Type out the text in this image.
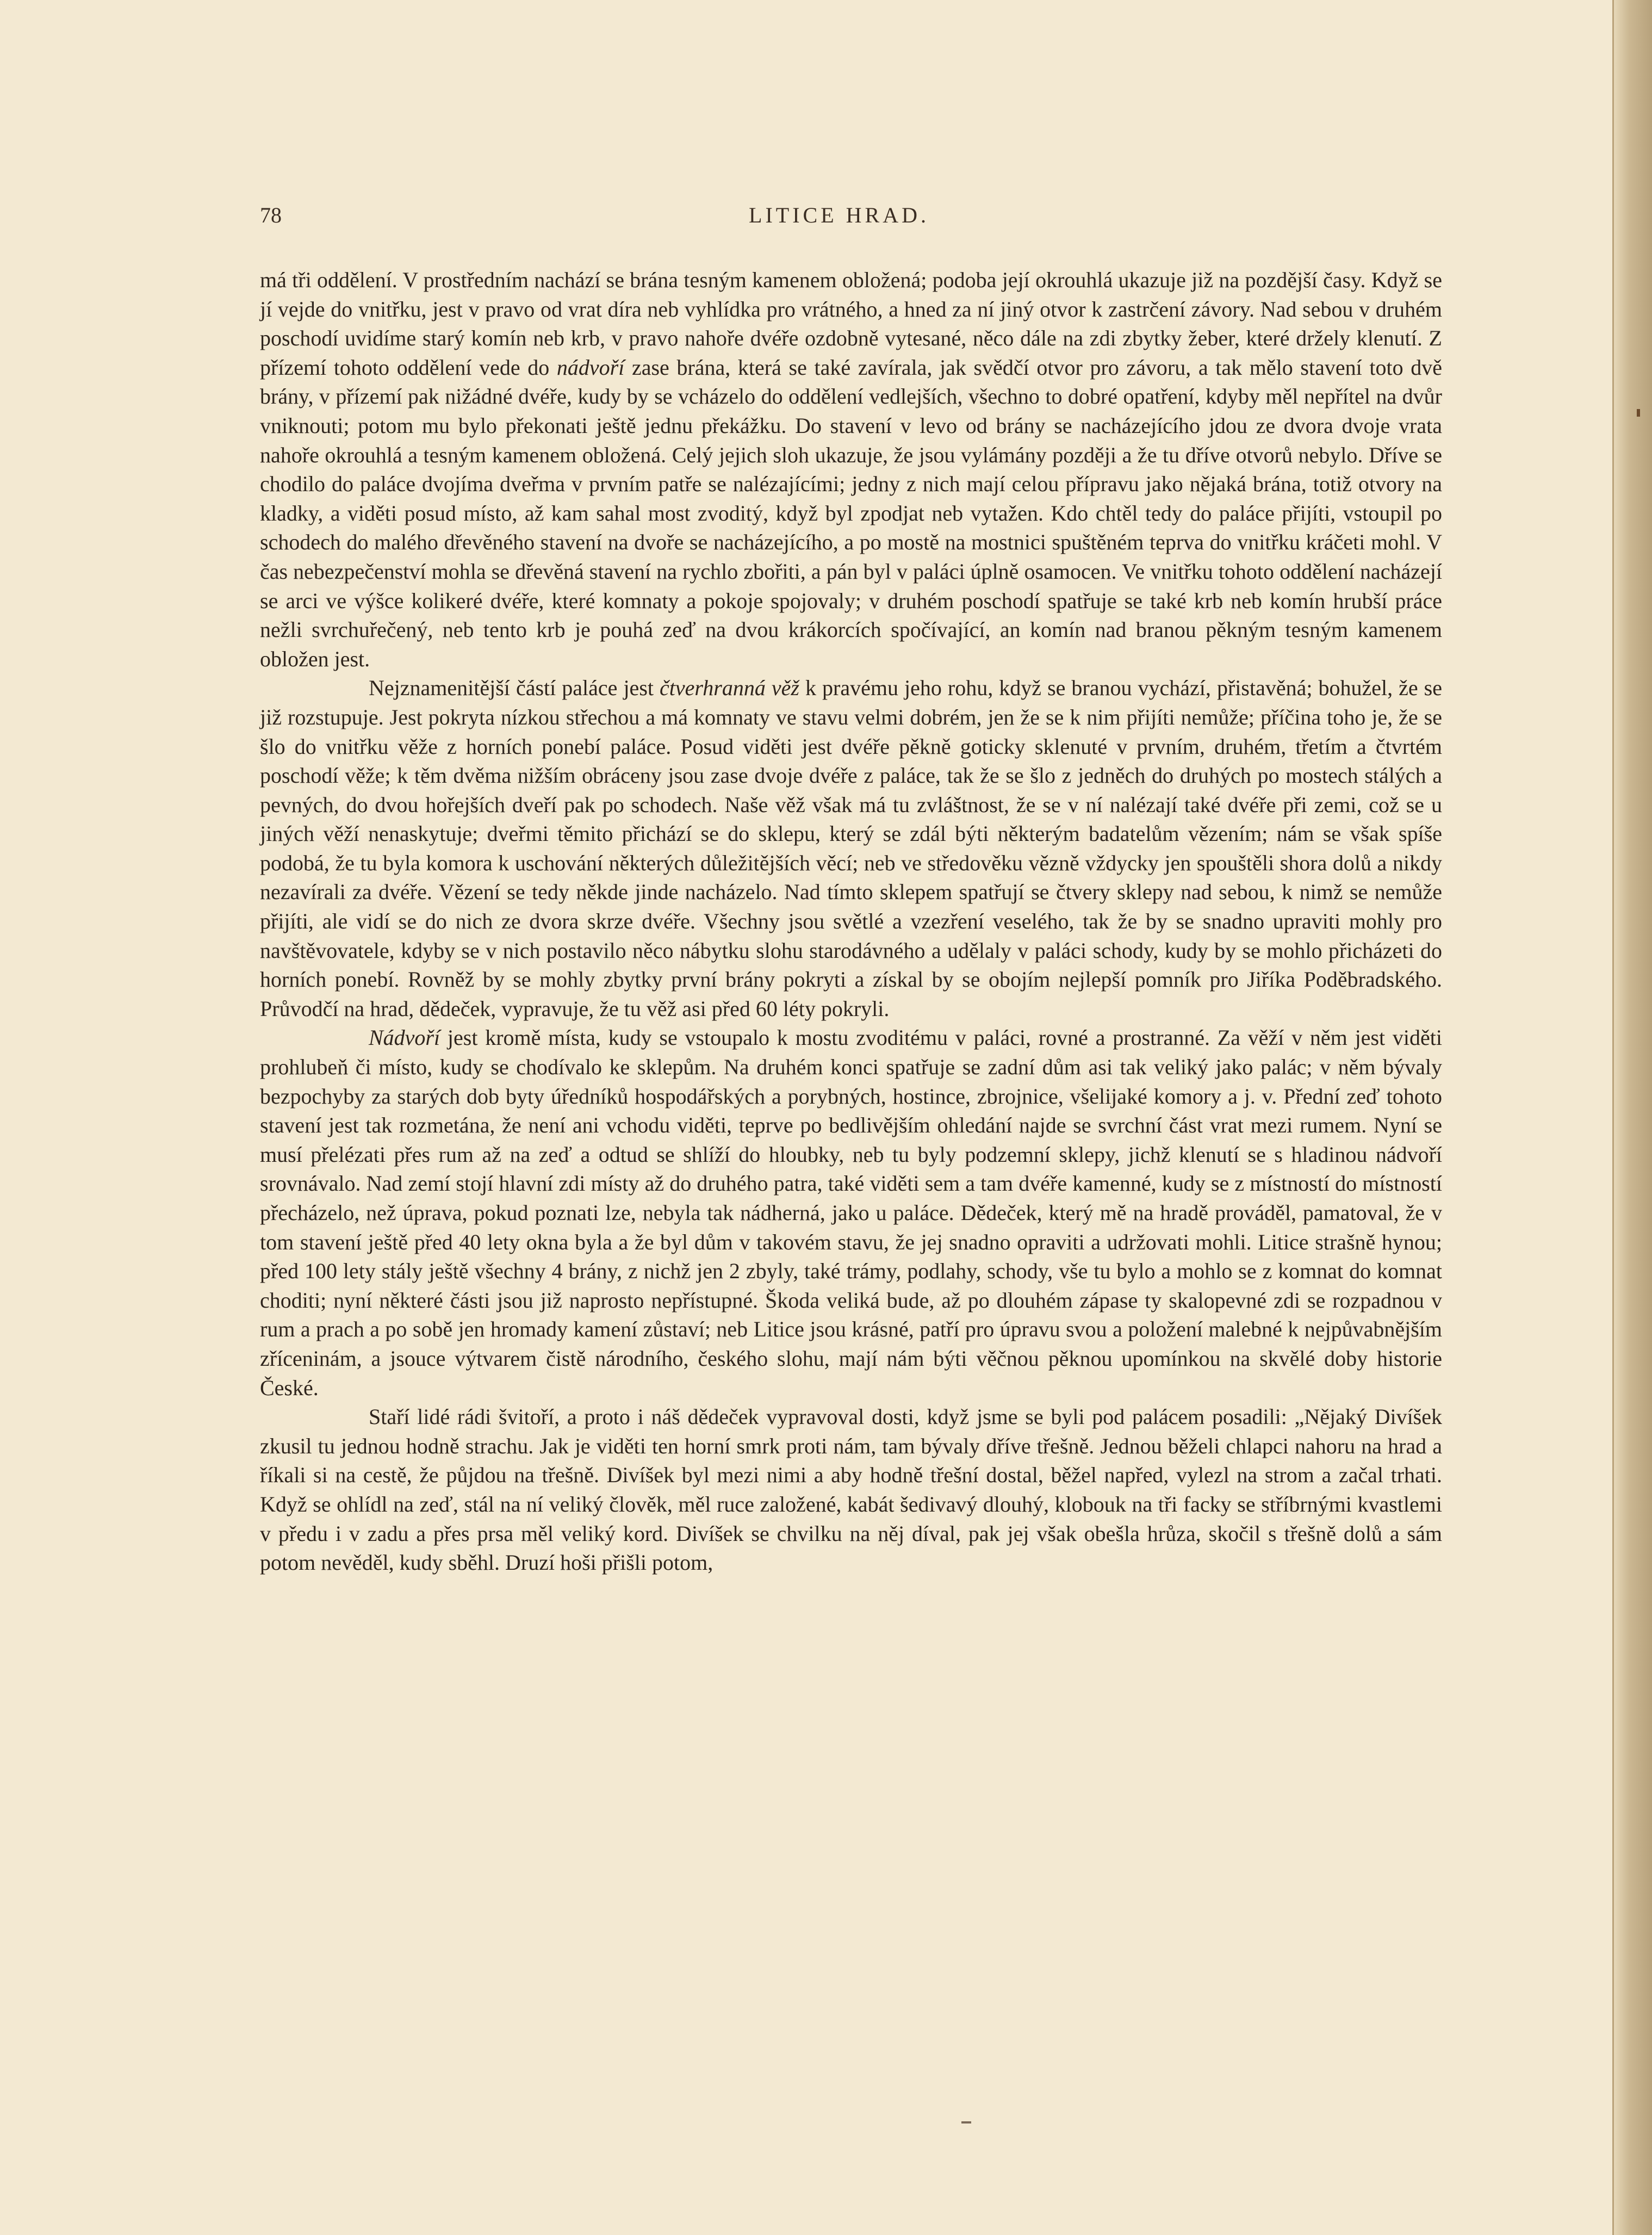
78	LITICE HRAD.

má tři oddělení. V prostředním nachází se brána tesným kamenem obložená; podoba její okrouhlá ukazuje již na pozdější časy. Když se jí vejde do vnitřku, jest v pravo od vrat díra neb vyhlídka pro vrátného, a hned za ní jiný otvor k zastrčení závory. Nad sebou v druhém poschodí uvidíme starý komín neb krb, v pravo nahoře dvéře ozdobně vytesané, něco dále na zdi zbytky žeber, které držely klenutí. Z přízemí tohoto oddělení vede do nádvoří zase brána, která se také zavírala, jak svědčí otvor pro závoru, a tak mělo stavení toto dvě brány, v přízemí pak nižádné dvéře, kudy by se vcházelo do oddělení vedlejších, všechno to dobré opatření, kdyby měl nepřítel na dvůr vniknouti; potom mu bylo překonati ještě jednu překážku. Do stavení v levo od brány se nacházejícího jdou ze dvora dvoje vrata nahoře okrouhlá a tesným kamenem obložená. Celý jejich sloh ukazuje, že jsou vylámány později a že tu dříve otvorů nebylo. Dříve se chodilo do paláce dvojíma dveřma v prvním patře se nalézajícími; jedny z nich mají celou přípravu jako nějaká brána, totiž otvory na kladky, a viděti posud místo, až kam sahal most zvoditý, když byl zpodjat neb vytažen. Kdo chtěl tedy do paláce přijíti, vstoupil po schodech do malého dřevěného stavení na dvoře se nacházejícího, a po mostě na mostnici spuštěném teprva do vnitřku kráčeti mohl. V čas nebezpečenství mohla se dřevěná stavení na rychlo zbořiti, a pán byl v paláci úplně osamocen. Ve vnitřku tohoto oddělení nacházejí se arci ve výšce kolikeré dvéře, které komnaty a pokoje spojovaly; v druhém poschodí spatřuje se také krb neb komín hrubší práce nežli svrchuřečený, neb tento krb je pouhá zeď na dvou krákorcích spočívající, an komín nad branou pěkným tesným kamenem obložen jest.

Nejznamenitější částí paláce jest čtverhranná věž k pravému jeho rohu, když se branou vychází, přistavěná; bohužel, že se již rozstupuje. Jest pokryta nízkou střechou a má komnaty ve stavu velmi dobrém, jen že se k nim přijíti nemůže; příčina toho je, že se šlo do vnitřku věže z horních ponebí paláce. Posud viděti jest dvéře pěkně goticky sklenuté v prvním, druhém, třetím a čtvrtém poschodí věže; k těm dvěma nižším obráceny jsou zase dvoje dvéře z paláce, tak že se šlo z jedněch do druhých po mostech stálých a pevných, do dvou hořejších dveří pak po schodech. Naše věž však má tu zvláštnost, že se v ní nalézají také dvéře při zemi, což se u jiných věží nenaskytuje; dveřmi těmito přichází se do sklepu, který se zdál býti některým badatelům vězením; nám se však spíše podobá, že tu byla komora k uschování některých důležitějších věcí; neb ve středověku vězně vždycky jen spouštěli shora dolů a nikdy nezavírali za dvéře. Vězení se tedy někde jinde nacházelo. Nad tímto sklepem spatřují se čtvery sklepy nad sebou, k nimž se nemůže přijíti, ale vidí se do nich ze dvora skrze dvéře. Všechny jsou světlé a vzezření veselého, tak že by se snadno upraviti mohly pro navštěvovatele, kdyby se v nich postavilo něco nábytku slohu starodávného a udělaly v paláci schody, kudy by se mohlo přicházeti do horních ponebí. Rovněž by se mohly zbytky první brány pokryti a získal by se obojím nejlepší pomník pro Jiříka Poděbradského. Průvodčí na hrad, dědeček, vypravuje, že tu věž asi před 60 léty pokryli.

Nádvoří jest kromě místa, kudy se vstoupalo k mostu zvoditému v paláci, rovné a prostranné. Za věží v něm jest viděti prohlubeň či místo, kudy se chodívalo ke sklepům. Na druhém konci spatřuje se zadní dům asi tak veliký jako palác; v něm bývaly bezpochyby za starých dob byty úředníků hospodářských a porybných, hostince, zbrojnice, všelijaké komory a j. v. Přední zeď tohoto stavení jest tak rozmetána, že není ani vchodu viděti, teprve po bedlivějším ohledání najde se svrchní část vrat mezi rumem. Nyní se musí přelézati přes rum až na zeď a odtud se shlíží do hloubky, neb tu byly podzemní sklepy, jichž klenutí se s hladinou nádvoří srovnávalo. Nad zemí stojí hlavní zdi místy až do druhého patra, také viděti sem a tam dvéře kamenné, kudy se z místností do místností přecházelo, než úprava, pokud poznati lze, nebyla tak nádherná, jako u paláce. Dědeček, který mě na hradě prováděl, pamatoval, že v tom stavení ještě před 40 lety okna byla a že byl dům v takovém stavu, že jej snadno opraviti a udržovati mohli. Litice strašně hynou; před 100 lety stály ještě všechny 4 brány, z nichž jen 2 zbyly, také trámy, podlahy, schody, vše tu bylo a mohlo se z komnat do komnat choditi; nyní některé části jsou již naprosto nepřístupné. Škoda veliká bude, až po dlouhém zápase ty skalopevné zdi se rozpadnou v rum a prach a po sobě jen hromady kamení zůstaví; neb Litice jsou krásné, patří pro úpravu svou a položení malebné k nejpůvabnějším zříceninám, a jsouce výtvarem čistě národního, českého slohu, mají nám býti věčnou pěknou upomínkou na skvělé doby historie České.

Staří lidé rádi švitoří, a proto i náš dědeček vypravoval dosti, když jsme se byli pod palácem posadili: „Nějaký Divíšek zkusil tu jednou hodně strachu. Jak je viděti ten horní smrk proti nám, tam bývaly dříve třešně. Jednou běželi chlapci nahoru na hrad a říkali si na cestě, že půjdou na třešně. Divíšek byl mezi nimi a aby hodně třešní dostal, běžel napřed, vylezl na strom a začal trhati. Když se ohlídl na zeď, stál na ní veliký člověk, měl ruce založené, kabát šedivavý dlouhý, klobouk na tři facky se stříbrnými kvastlemi v předu i v zadu a přes prsa měl veliký kord. Divíšek se chvilku na něj díval, pak jej však obešla hrůza, skočil s třešně dolů a sám potom nevěděl, kudy sběhl. Druzí hoši přišli potom,
